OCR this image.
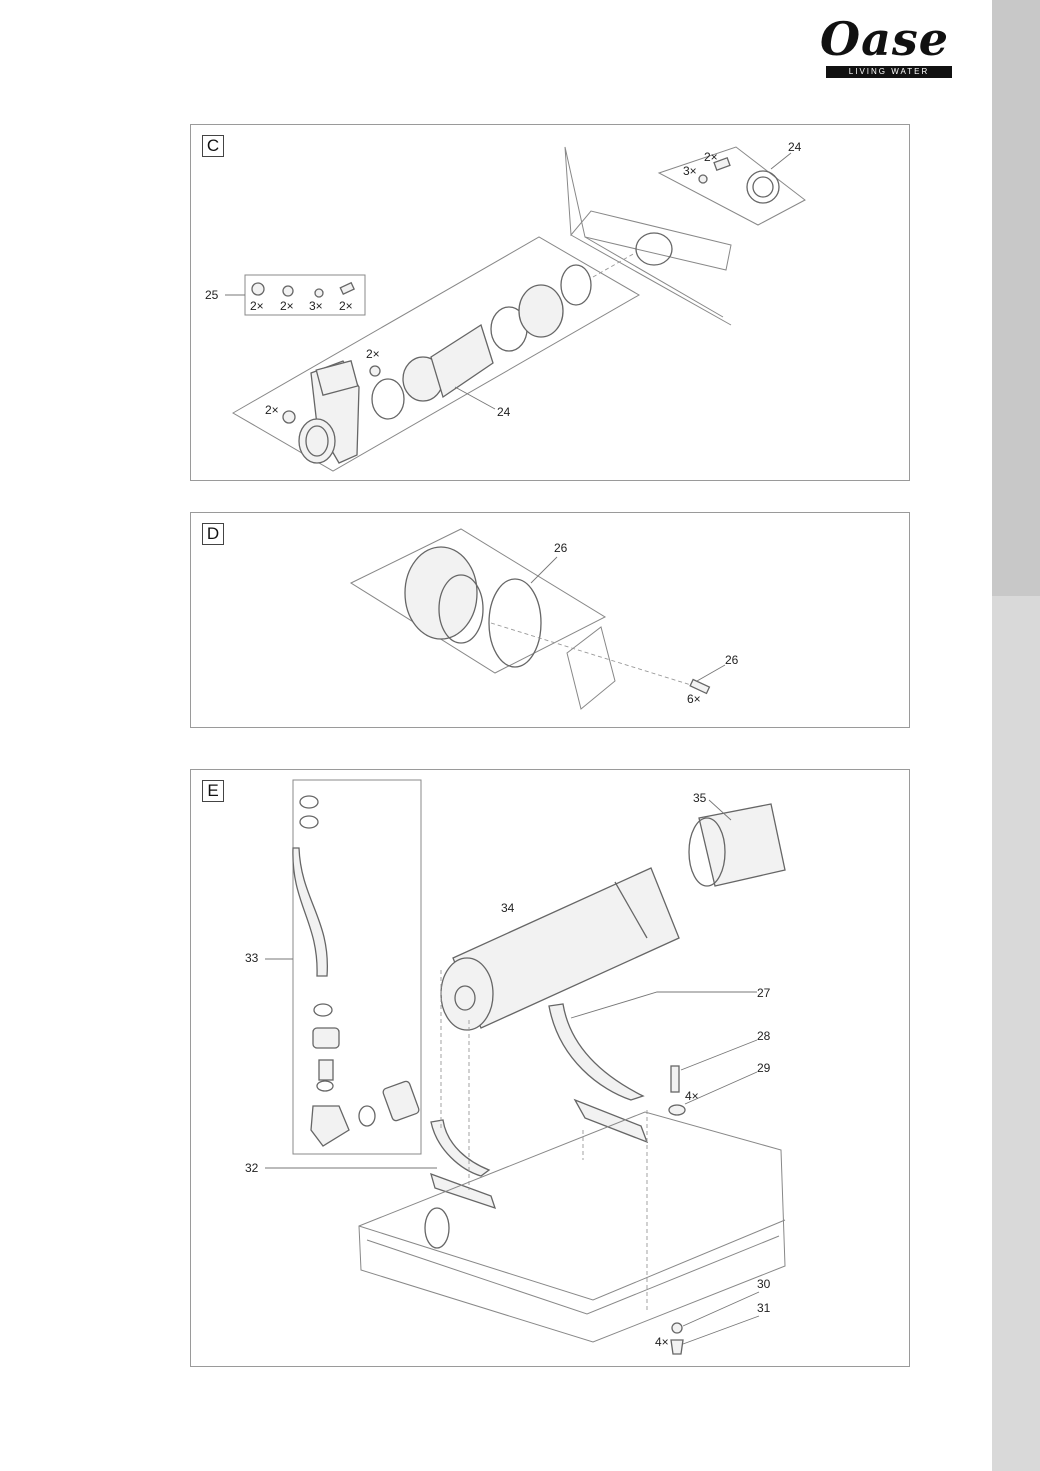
Oase
LIVING WATER
C	24
3×
2×
25
2× 2× 3× 2×
2×
2×	24
D
26
26
6×
E	35
34
33
27
28
29
4×
32
30
31
4×
